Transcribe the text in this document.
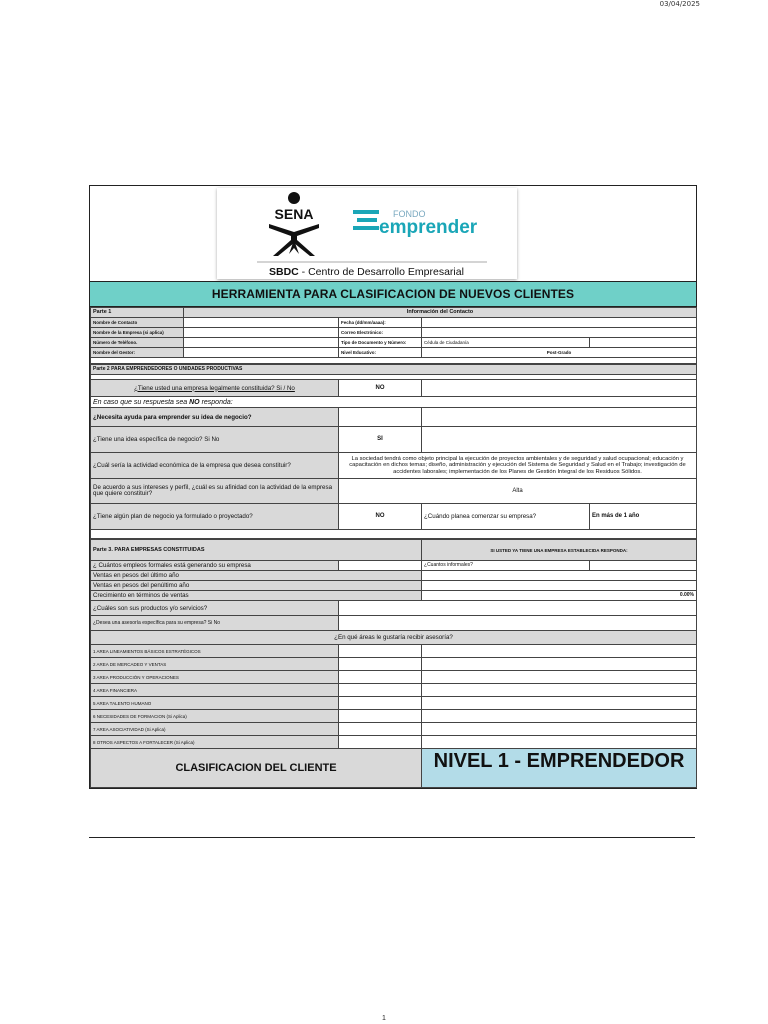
03/04/2025
SENA	FONDO
emprender
SBDC - Centro de Desarrollo Empresarial
HERRAMIENTA PARA CLASIFICACION DE NUEVOS CLIENTES
Parte 1	Información del Contacto			
Nombre de Contacto		Fecha (dd/mm/aaaa):		
Nombre de la Empresa (si aplica)		Correo Electrónico:		
Número de Teléfono.		Tipo de Documento y Número:	Cédula de Ciudadanía	
Nombre del Gestor:		Nivel Educativo:	Post-Grado	

Parte 2 PARA EMPRENDEDORES O UNIDADES PRODUCTIVAS			

¿Tiene usted una empresa legalmente constituida? Si / No	NO		
En caso que su respuesta sea NO responda:			
¿Necesita ayuda para emprender su idea de negocio?			
¿Tiene una idea específica de negocio? Si No	SI		
¿Cuál sería la actividad económica de la empresa que desea constituir?	La sociedad tendrá como objeto principal la ejecución de proyectos ambientales y de seguridad y salud ocupacional; educación y capacitación en dichos temas; diseño, administración y ejecución del Sistema de Seguridad y Salud en el Trabajo; investigación de accidentes laborales; implementación de los Planes de Gestión Integral de los Residuos Sólidos.		
De acuerdo a sus intereses y perfil, ¿cuál es su afinidad con la actividad de la empresa que quiere constituir?	Alta		
¿Tiene algún plan de negocio ya formulado o proyectado?	NO	¿Cuándo planea comenzar su empresa?	En más de 1 año

Parte 3. PARA EMPRESAS CONSTITUIDAS		SI USTED YA TIENE UNA EMPRESA ESTABLECIDA RESPONDA:	
¿ Cuántos empleos formales está generando su empresa		¿Cuantos informales?	
Ventas en pesos del último año			
Ventas en pesos del penúltimo año			
Crecimiento en términos de ventas		0.00%	
¿Cuáles son sus productos y/o servicios?			
¿Desea una asesoría específica para su empresa? Si No			
¿En qué áreas le gustaría recibir asesoría?			
1 AREA LINEAMIENTOS BÁSICOS ESTRATÉGICOS			
2 AREA DE MERCADEO Y VENTAS			
3 AREA PRODUCCIÓN Y OPERACIONES			
4 AREA FINANCIERA			
5 AREA TALENTO HUMANO			
6 NECESIDADES DE FORMACION (Si Aplica)			
7 AREA ASOCIATIVIDAD (Si Aplica)			
8 OTROS ASPECTOS A FORTALECER (Si Aplica)			
CLASIFICACION DEL CLIENTE		NIVEL 1 - EMPRENDEDOR	
1
